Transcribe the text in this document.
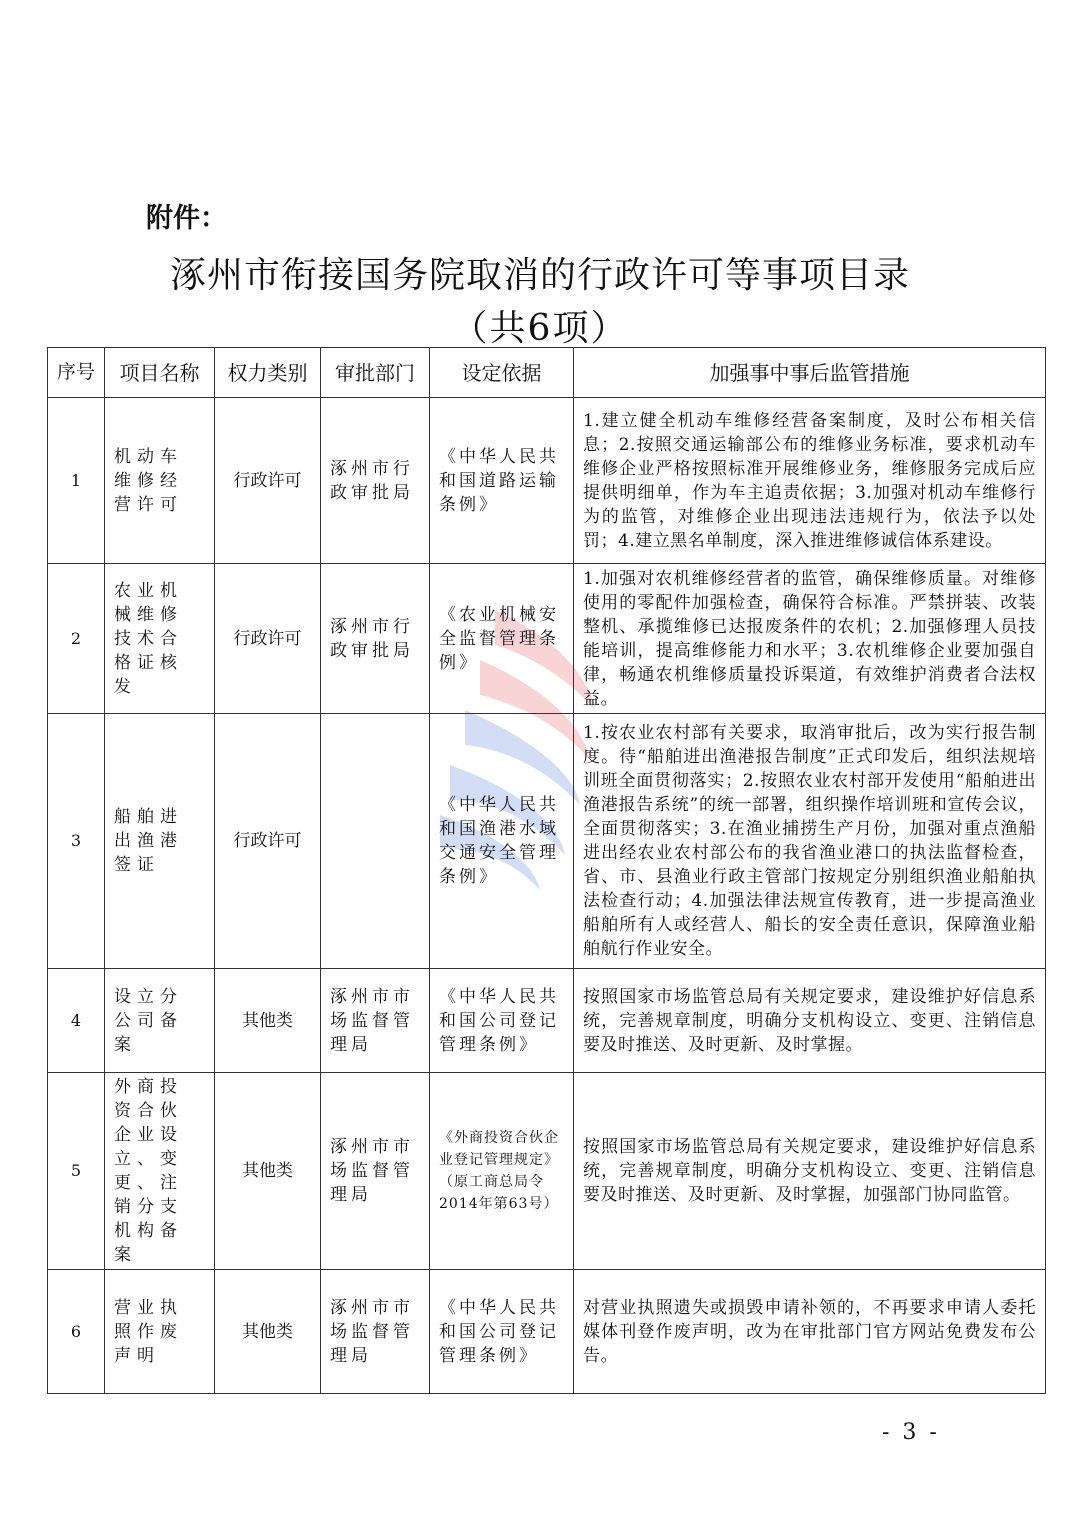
附件：
涿州市衔接国务院取消的行政许可等事项目录
（共6项）
序号	项目名称	权力类别	审批部门	设定依据	加强事中事后监管措施
1	机动车维修经营许可	行政许可	涿州市行政审批局	《中华人民共和国道路运输条例》	1.建立健全机动车维修经营备案制度，及时公布相关信息；2.按照交通运输部公布的维修业务标准，要求机动车维修企业严格按照标准开展维修业务，维修服务完成后应提供明细单，作为车主追责依据；3.加强对机动车维修行为的监管，对维修企业出现违法违规行为，依法予以处罚；4.建立黑名单制度，深入推进维修诚信体系建设。
2	农业机械维修技术合格证核发	行政许可	涿州市行政审批局	《农业机械安全监督管理条例》	1.加强对农机维修经营者的监管，确保维修质量。对维修使用的零配件加强检查，确保符合标准。严禁拼装、改装整机、承揽维修已达报废条件的农机；2.加强修理人员技能培训，提高维修能力和水平；3.农机维修企业要加强自律，畅通农机维修质量投诉渠道，有效维护消费者合法权益。
3	船舶进出渔港签证	行政许可		《中华人民共和国渔港水域交通安全管理条例》	1.按农业农村部有关要求，取消审批后，改为实行报告制度。待“船舶进出渔港报告制度”正式印发后，组织法规培训班全面贯彻落实；2.按照农业农村部开发使用“船舶进出渔港报告系统”的统一部署，组织操作培训班和宣传会议，全面贯彻落实；3.在渔业捕捞生产月份，加强对重点渔船进出经农业农村部公布的我省渔业港口的执法监督检查，省、市、县渔业行政主管部门按规定分别组织渔业船舶执法检查行动；4.加强法律法规宣传教育，进一步提高渔业船舶所有人或经营人、船长的安全责任意识，保障渔业船舶航行作业安全。
4	设立分公司备案	其他类	涿州市市场监督管理局	《中华人民共和国公司登记管理条例》	按照国家市场监管总局有关规定要求，建设维护好信息系统，完善规章制度，明确分支机构设立、变更、注销信息要及时推送、及时更新、及时掌握。
5	外商投资合伙企业设立、变更、注销分支机构备案	其他类	涿州市市场监督管理局	《外商投资合伙企业登记管理规定》（原工商总局令2014年第63号）	按照国家市场监管总局有关规定要求，建设维护好信息系统，完善规章制度，明确分支机构设立、变更、注销信息要及时推送、及时更新、及时掌握，加强部门协同监管。
6	营业执照作废声明	其他类	涿州市市场监督管理局	《中华人民共和国公司登记管理条例》	对营业执照遗失或损毁申请补领的，不再要求申请人委托媒体刊登作废声明，改为在审批部门官方网站免费发布公告。
- 3 -
